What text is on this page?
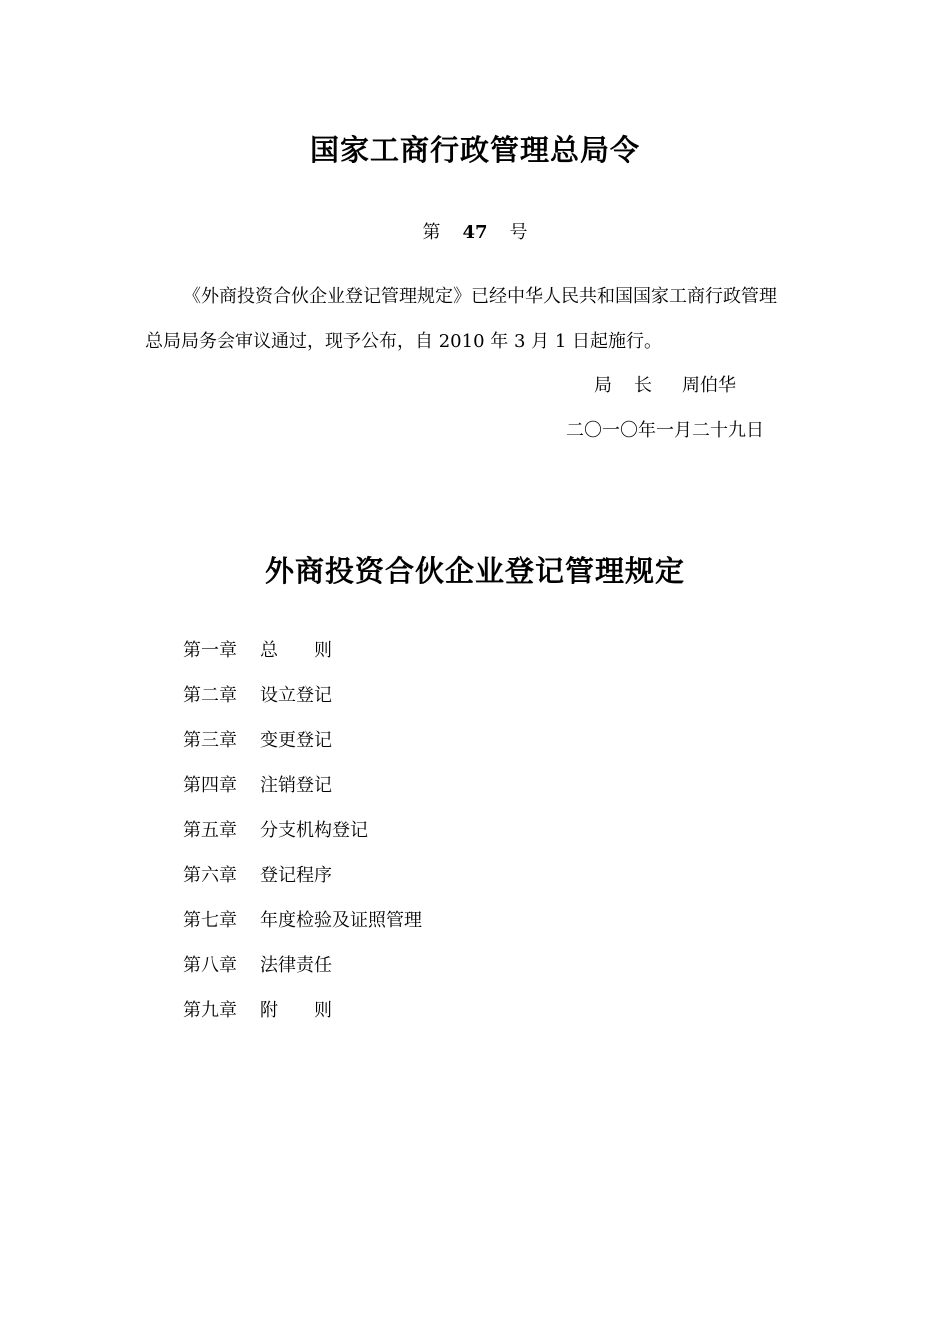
国家工商行政管理总局令
第 47 号
《外商投资合伙企业登记管理规定》已经中华人民共和国国家工商行政管理
总局局务会审议通过，现予公布，自 2010 年 3 月 1 日起施行。
局 长 周伯华
二〇一〇年一月二十九日
外商投资合伙企业登记管理规定
第一章 总　　则
第二章 设立登记
第三章 变更登记
第四章 注销登记
第五章 分支机构登记
第六章 登记程序
第七章 年度检验及证照管理
第八章 法律责任
第九章 附　　则
